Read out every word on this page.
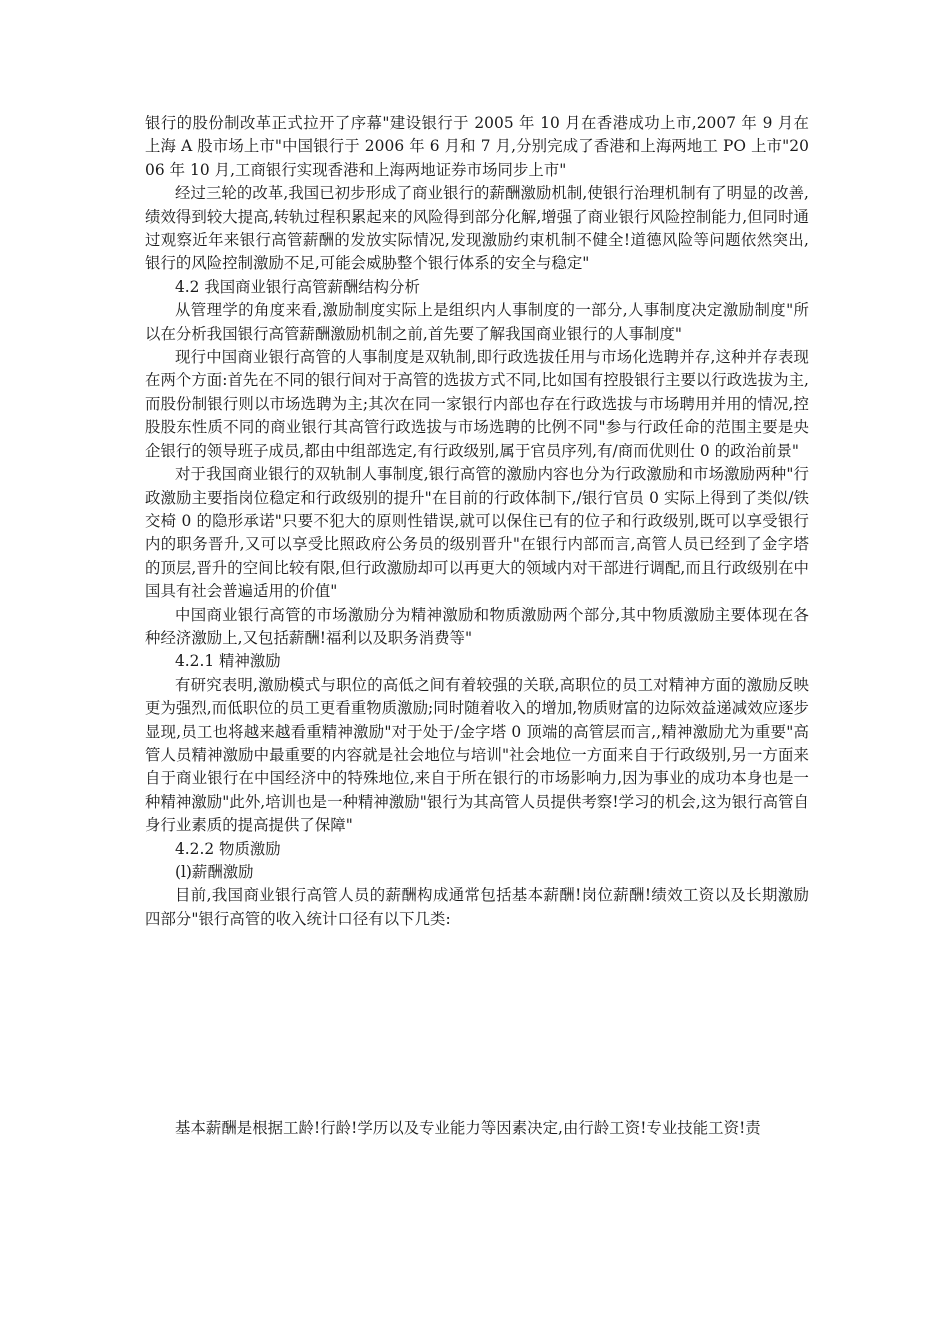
银行的股份制改革正式拉开了序幕"建设银行于 2005 年 10 月在香港成功上市,2007 年 9 月在上海 A 股市场上市"中国银行于 2006 年 6 月和 7 月,分别完成了香港和上海两地工 PO 上市"2006 年 10 月,工商银行实现香港和上海两地证券市场同步上市"

经过三轮的改革,我国已初步形成了商业银行的薪酬激励机制,使银行治理机制有了明显的改善,绩效得到较大提高,转轨过程积累起来的风险得到部分化解,增强了商业银行风险控制能力,但同时通过观察近年来银行高管薪酬的发放实际情况,发现激励约束机制不健全!道德风险等问题依然突出,银行的风险控制激励不足,可能会威胁整个银行体系的安全与稳定"

4.2 我国商业银行高管薪酬结构分析

从管理学的角度来看,激励制度实际上是组织内人事制度的一部分,人事制度决定激励制度"所以在分析我国银行高管薪酬激励机制之前,首先要了解我国商业银行的人事制度"

现行中国商业银行高管的人事制度是双轨制,即行政选拔任用与市场化选聘并存,这种并存表现在两个方面:首先在不同的银行间对于高管的选拔方式不同,比如国有控股银行主要以行政选拔为主,而股份制银行则以市场选聘为主;其次在同一家银行内部也存在行政选拔与市场聘用并用的情况,控股股东性质不同的商业银行其高管行政选拔与市场选聘的比例不同"参与行政任命的范围主要是央企银行的领导班子成员,都由中组部选定,有行政级别,属于官员序列,有/商而优则仕 0 的政治前景"

对于我国商业银行的双轨制人事制度,银行高管的激励内容也分为行政激励和市场激励两种"行政激励主要指岗位稳定和行政级别的提升"在目前的行政体制下,/银行官员 0 实际上得到了类似/铁交椅 0 的隐形承诺"只要不犯大的原则性错误,就可以保住已有的位子和行政级别,既可以享受银行内的职务晋升,又可以享受比照政府公务员的级别晋升"在银行内部而言,高管人员已经到了金字塔的顶层,晋升的空间比较有限,但行政激励却可以再更大的领域内对干部进行调配,而且行政级别在中国具有社会普遍适用的价值"

中国商业银行高管的市场激励分为精神激励和物质激励两个部分,其中物质激励主要体现在各种经济激励上,又包括薪酬!福利以及职务消费等"

4.2.1 精神激励

有研究表明,激励模式与职位的高低之间有着较强的关联,高职位的员工对精神方面的激励反映更为强烈,而低职位的员工更看重物质激励;同时随着收入的增加,物质财富的边际效益递减效应逐步显现,员工也将越来越看重精神激励"对于处于/金字塔 0 顶端的高管层而言,,精神激励尤为重要"高管人员精神激励中最重要的内容就是社会地位与培训"社会地位一方面来自于行政级别,另一方面来自于商业银行在中国经济中的特殊地位,来自于所在银行的市场影响力,因为事业的成功本身也是一种精神激励"此外,培训也是一种精神激励"银行为其高管人员提供考察!学习的机会,这为银行高管自身行业素质的提高提供了保障"

4.2.2 物质激励

(l)薪酬激励

目前,我国商业银行高管人员的薪酬构成通常包括基本薪酬!岗位薪酬!绩效工资以及长期激励四部分"银行高管的收入统计口径有以下几类:

基本薪酬是根据工龄!行龄!学历以及专业能力等因素决定,由行龄工资!专业技能工资!责
